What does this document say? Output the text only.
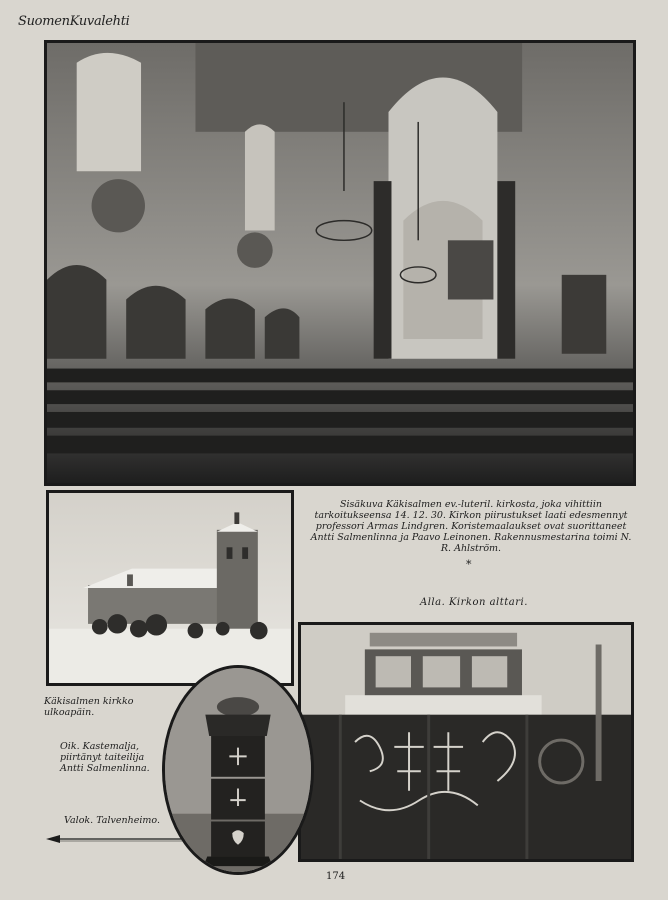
SuomenKuvalehti
Sisäkuva Käkisalmen ev.-luteril. kirkosta, joka vihittiin tarkoitukseensa 14. 12. 30. Kirkon piirustukset laati edesmennyt professori Armas Lindgren. Koristemaalaukset ovat suorittaneet Antti Salmenlinna ja Paavo Leinonen. Rakennusmestarina toimi N. R. Ahlström.
*
Alla. Kirkon alttari.
Käkisalmen kirkko ulkoapäin.
Oik. Kastemalja, piirtänyt taiteilija Antti Salmenlinna.
Valok. Talvenheimo.
174
